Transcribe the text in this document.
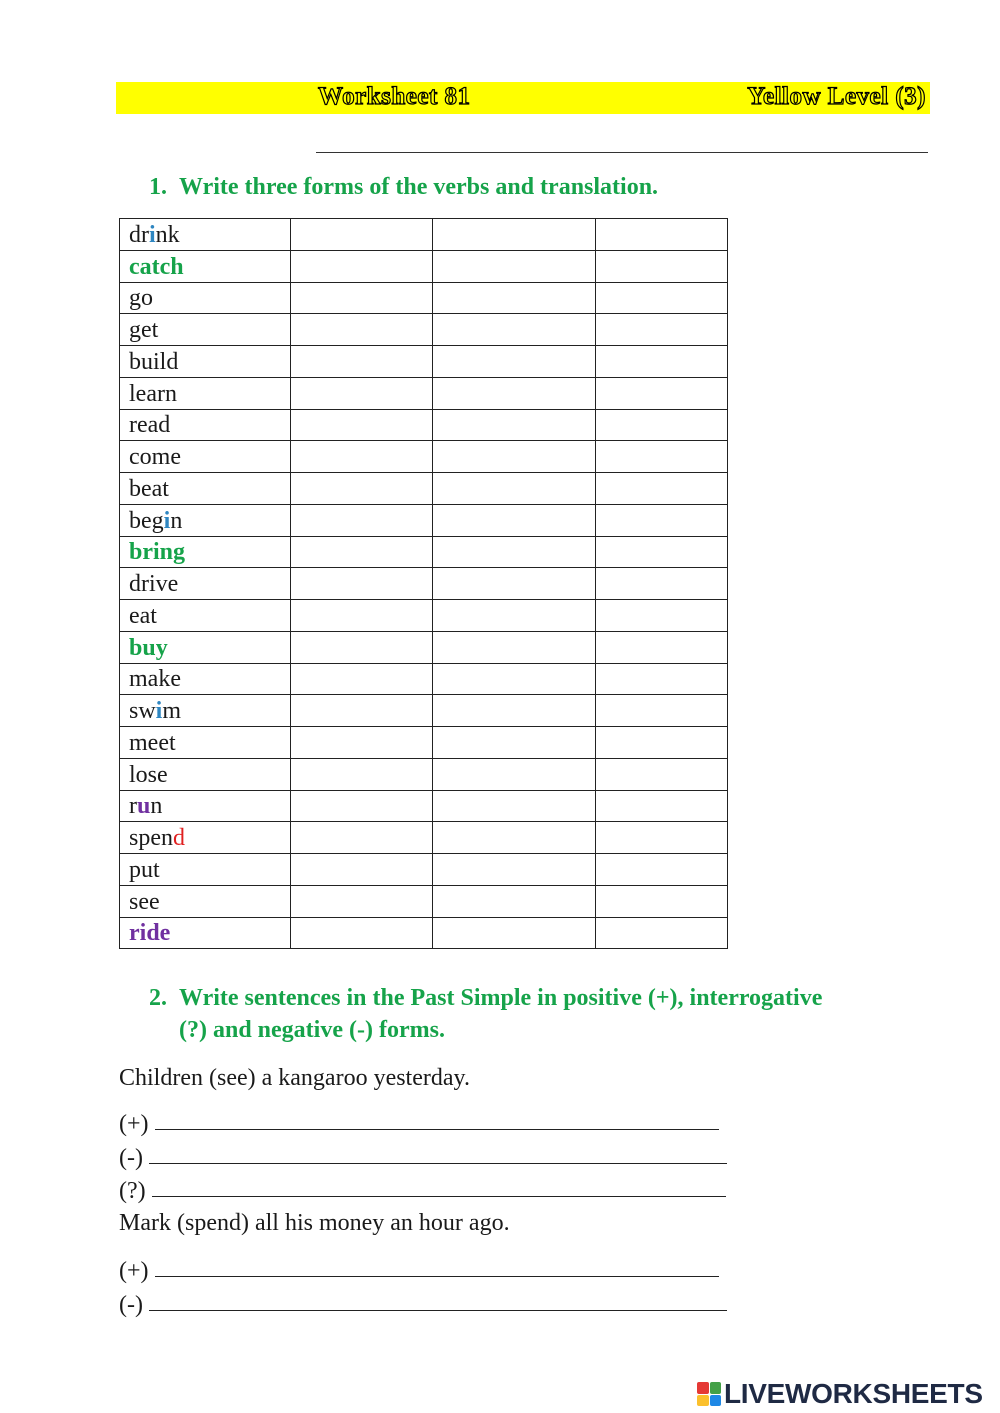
Worksheet 81	Yellow Level (3)
1. Write three forms of the verbs and translation.
drink			
catch			
go			
get			
build			
learn			
read			
come			
beat			
begin			
bring			
drive			
eat			
buy			
make			
swim			
meet			
lose			
run			
spend			
put			
see			
ride			
2. Write sentences in the Past Simple in positive (+), interrogative
(?) and negative (-) forms.
Children (see) a kangaroo yesterday.
(+)
(-)
(?)
Mark (spend) all his money an hour ago.
(+)
(-)
LIVEWORKSHEETS
